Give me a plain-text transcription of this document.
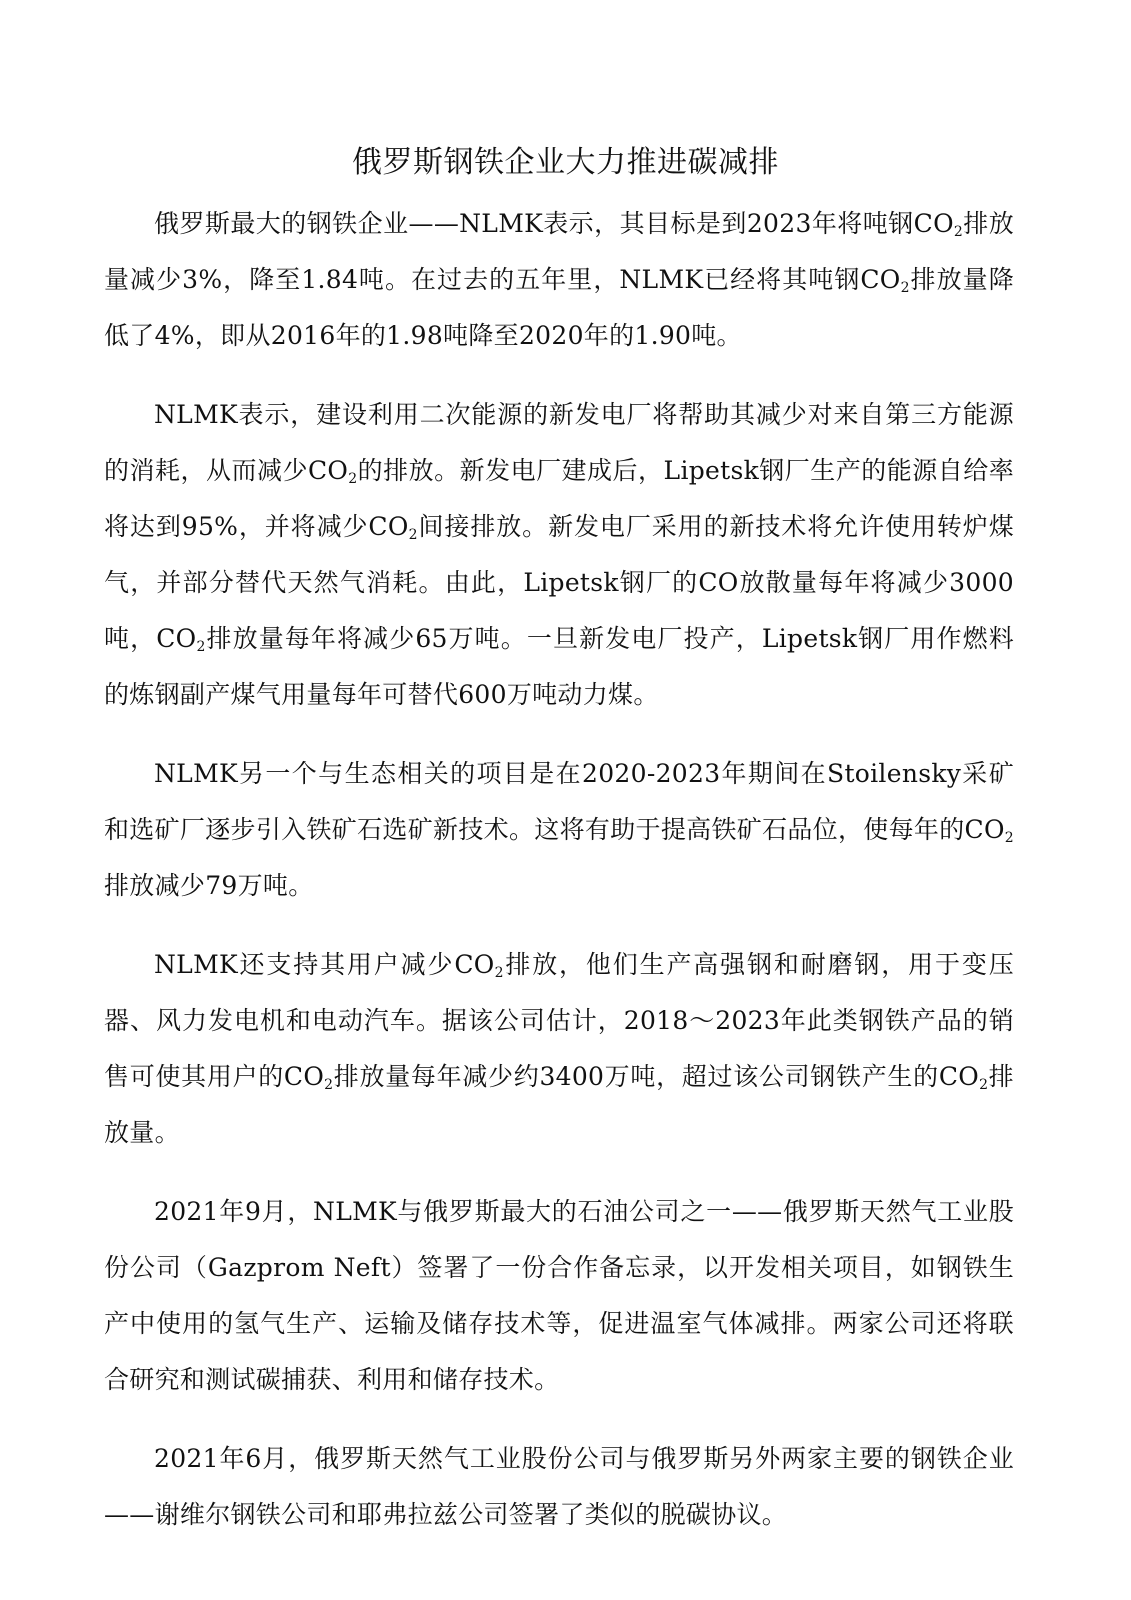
俄罗斯钢铁企业大力推进碳减排

俄罗斯最大的钢铁企业——NLMK表示，其目标是到2023年将吨钢$CO_2$排放量减少3%，降至1.84吨。在过去的五年里，NLMK已经将其吨钢$CO_2$排放量降低了4%，即从2016年的1.98吨降至2020年的1.90吨。

NLMK表示，建设利用二次能源的新发电厂将帮助其减少对来自第三方能源的消耗，从而减少$CO_2$的排放。新发电厂建成后，Lipetsk钢厂生产的能源自给率将达到95%，并将减少$CO_2$间接排放。新发电厂采用的新技术将允许使用转炉煤气，并部分替代天然气消耗。由此，Lipetsk钢厂的CO放散量每年将减少3000吨，$CO_2$排放量每年将减少65万吨。一旦新发电厂投产，Lipetsk钢厂用作燃料的炼钢副产煤气用量每年可替代600万吨动力煤。

NLMK另一个与生态相关的项目是在2020-2023年期间在Stoilensky采矿和选矿厂逐步引入铁矿石选矿新技术。这将有助于提高铁矿石品位，使每年的$CO_2$排放减少79万吨。

NLMK还支持其用户减少$CO_2$排放，他们生产高强钢和耐磨钢，用于变压器、风力发电机和电动汽车。据该公司估计，2018～2023年此类钢铁产品的销售可使其用户的$CO_2$排放量每年减少约3400万吨，超过该公司钢铁产生的$CO_2$排放量。

2021年9月，NLMK与俄罗斯最大的石油公司之一——俄罗斯天然气工业股份公司（Gazprom Neft）签署了一份合作备忘录，以开发相关项目，如钢铁生产中使用的氢气生产、运输及储存技术等，促进温室气体减排。两家公司还将联合研究和测试碳捕获、利用和储存技术。

2021年6月，俄罗斯天然气工业股份公司与俄罗斯另外两家主要的钢铁企业——谢维尔钢铁公司和耶弗拉兹公司签署了类似的脱碳协议。
